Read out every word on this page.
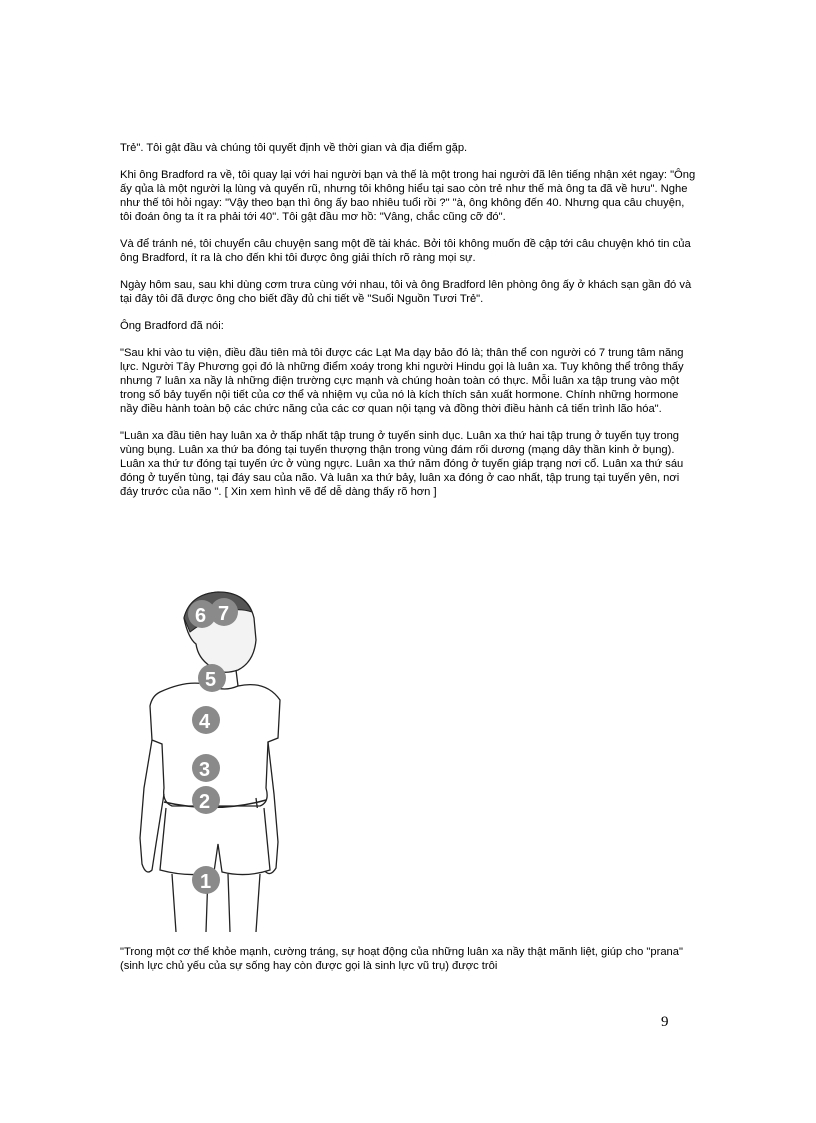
Trẻ". Tôi gật đầu và chúng tôi quyết định về thời gian và địa điểm gặp.

Khi ông Bradford ra về, tôi quay lại với hai người bạn và thế là một trong hai người đã lên tiếng nhận xét ngay: "Ông ấy qủa là một người lạ lùng và quyến rũ, nhưng tôi không hiểu tại sao còn trẻ như thế mà ông ta đã về hưu". Nghe như thế tôi hỏi ngay: "Vậy theo bạn thì ông ấy bao nhiêu tuổi rồi ?" "à, ông không đến 40. Nhưng qua câu chuyện, tôi đoán ông ta ít ra phải tới 40". Tôi gật đầu mơ hồ: "Vâng, chắc cũng cỡ đó".

Và để tránh né, tôi chuyển câu chuyện sang một đề tài khác. Bởi tôi không muốn đề cập tới câu chuyện khó tin của ông Bradford, ít ra là cho đến khi tôi được ông giải thích rõ ràng mọi sự.

Ngày hôm sau, sau khi dùng cơm trưa cùng với nhau, tôi và ông Bradford lên phòng ông ấy ở khách sạn gần đó và tại đây tôi đã được ông cho biết đầy đủ chi tiết về "Suối Nguồn Tươi Trẻ".

Ông Bradford đã nói:

"Sau khi vào tu viện, điều đầu tiên mà tôi được các Lạt Ma dạy bảo đó là; thân thể con người có 7 trung tâm năng lực. Người Tây Phương gọi đó là những điểm xoáy trong khi người Hindu gọi là luân xa. Tuy không thể trông thấy nhưng 7 luân xa nầy là những điện trường cực mạnh và chúng hoàn toàn có thực. Mỗi luân xa tập trung vào một trong số bảy tuyến nội tiết của cơ thể và nhiệm vụ của nó là kích thích sản xuất hormone. Chính những hormone nầy điều hành toàn bộ các chức năng của các cơ quan nội tạng và đồng thời điều hành cả tiến trình lão hóa".

"Luân xa đầu tiên hay luân xa ở thấp nhất tập trung ở tuyến sinh dục. Luân xa thứ hai tập trung ở tuyến tụy trong vùng bụng. Luân xa thứ ba đóng tại tuyến thượng thận trong vùng đám rối dương (mạng dây thần kinh ở bụng). Luân xa thứ tư đóng tại tuyến ức ở vùng ngực. Luân xa thứ năm đóng ở tuyến giáp trạng nơi cổ. Luân xa thứ sáu đóng ở tuyến tùng, tại đáy sau của não. Và luân xa thứ bảy, luân xa đóng ở cao nhất, tập trung tại tuyến yên, nơi đáy trước của não ". [ Xin xem hình vẽ để dễ dàng thấy rõ hơn ]

6 7
5
4
3
2
1

"Trong một cơ thể khỏe mạnh, cường tráng, sự hoạt động của những luân xa nầy thật mãnh liệt, giúp cho "prana" (sinh lực chủ yếu của sự sống hay còn được gọi là sinh lực vũ trụ) được trôi

9
